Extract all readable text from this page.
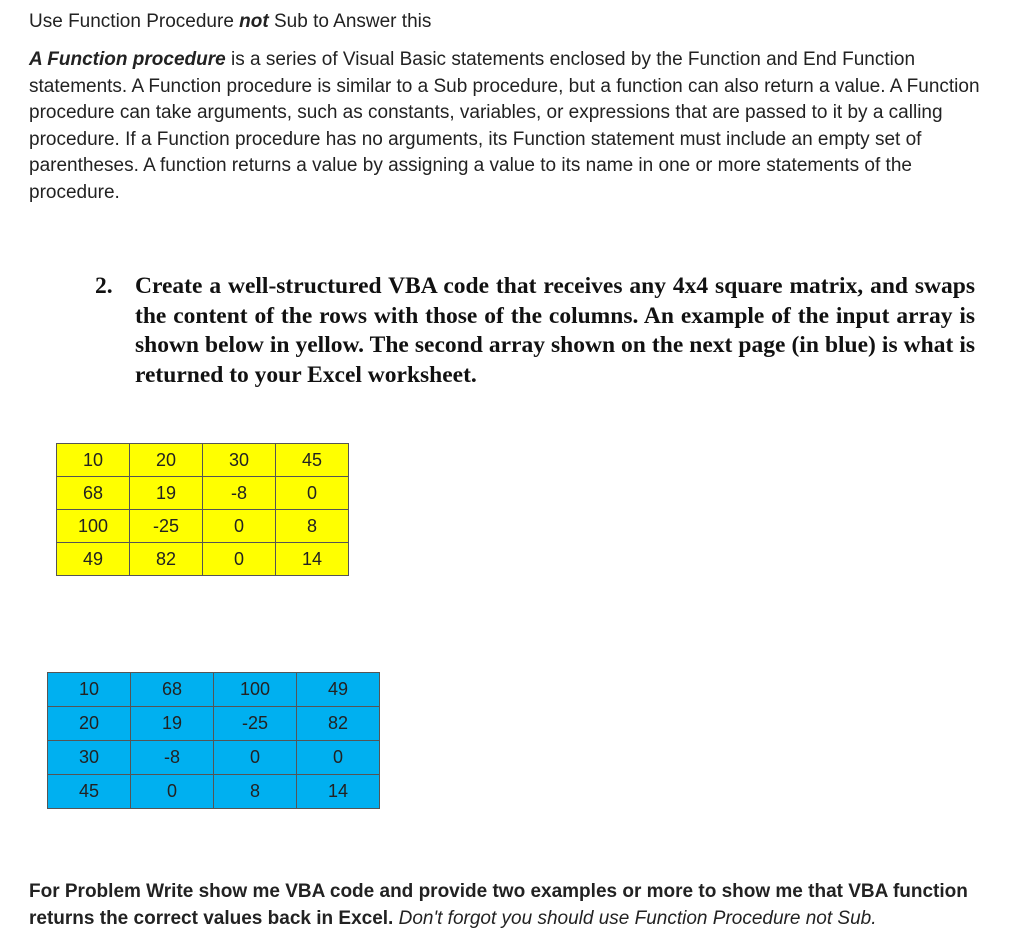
Use Function Procedure not Sub to Answer this
A Function procedure is a series of Visual Basic statements enclosed by the Function and End Function statements. A Function procedure is similar to a Sub procedure, but a function can also return a value. A Function procedure can take arguments, such as constants, variables, or expressions that are passed to it by a calling procedure. If a Function procedure has no arguments, its Function statement must include an empty set of parentheses. A function returns a value by assigning a value to its name in one or more statements of the procedure.
2. Create a well-structured VBA code that receives any 4x4 square matrix, and swaps the content of the rows with those of the columns. An example of the input array is shown below in yellow. The second array shown on the next page (in blue) is what is returned to your Excel worksheet.
10	20	30	45
68	19	-8	0
100	-25	0	8
49	82	0	14
10	68	100	49
20	19	-25	82
30	-8	0	0
45	0	8	14
For Problem Write show me VBA code and provide two examples or more to show me that VBA function returns the correct values back in Excel. Don't forgot you should use Function Procedure not Sub.
